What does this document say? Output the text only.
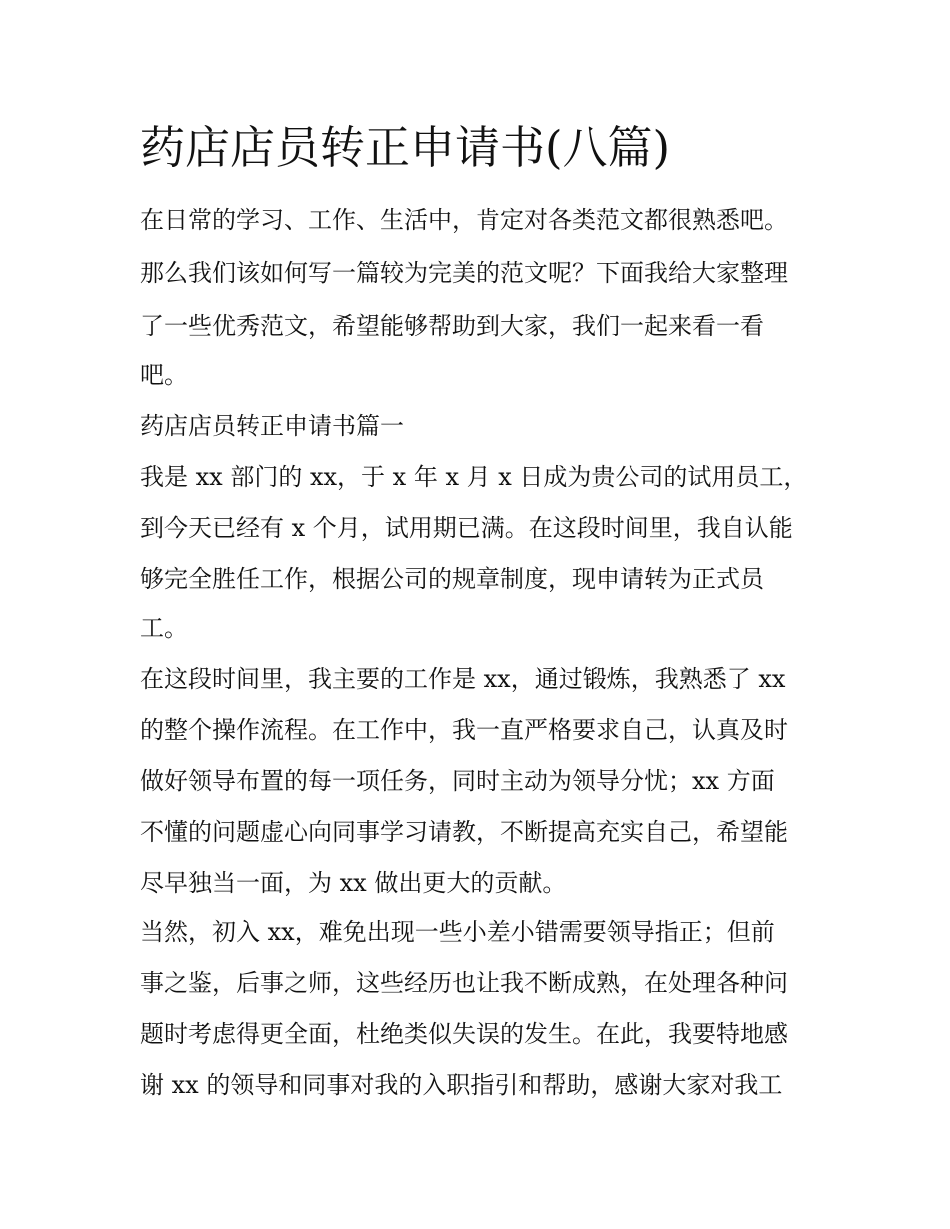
药店店员转正申请书(八篇)

在日常的学习、工作、生活中，肯定对各类范文都很熟悉吧。

那么我们该如何写一篇较为完美的范文呢？下面我给大家整理

了一些优秀范文，希望能够帮助到大家，我们一起来看一看

吧。

药店店员转正申请书篇一

我是 xx 部门的 xx，于 x 年 x 月 x 日成为贵公司的试用员工，

到今天已经有 x 个月，试用期已满。在这段时间里，我自认能

够完全胜任工作，根据公司的规章制度，现申请转为正式员

工。

在这段时间里，我主要的工作是 xx，通过锻炼，我熟悉了 xx

的整个操作流程。在工作中，我一直严格要求自己，认真及时

做好领导布置的每一项任务，同时主动为领导分忧；xx 方面

不懂的问题虚心向同事学习请教，不断提高充实自己，希望能

尽早独当一面，为 xx 做出更大的贡献。

当然，初入 xx，难免出现一些小差小错需要领导指正；但前

事之鉴，后事之师，这些经历也让我不断成熟，在处理各种问

题时考虑得更全面，杜绝类似失误的发生。在此，我要特地感

谢 xx 的领导和同事对我的入职指引和帮助，感谢大家对我工
